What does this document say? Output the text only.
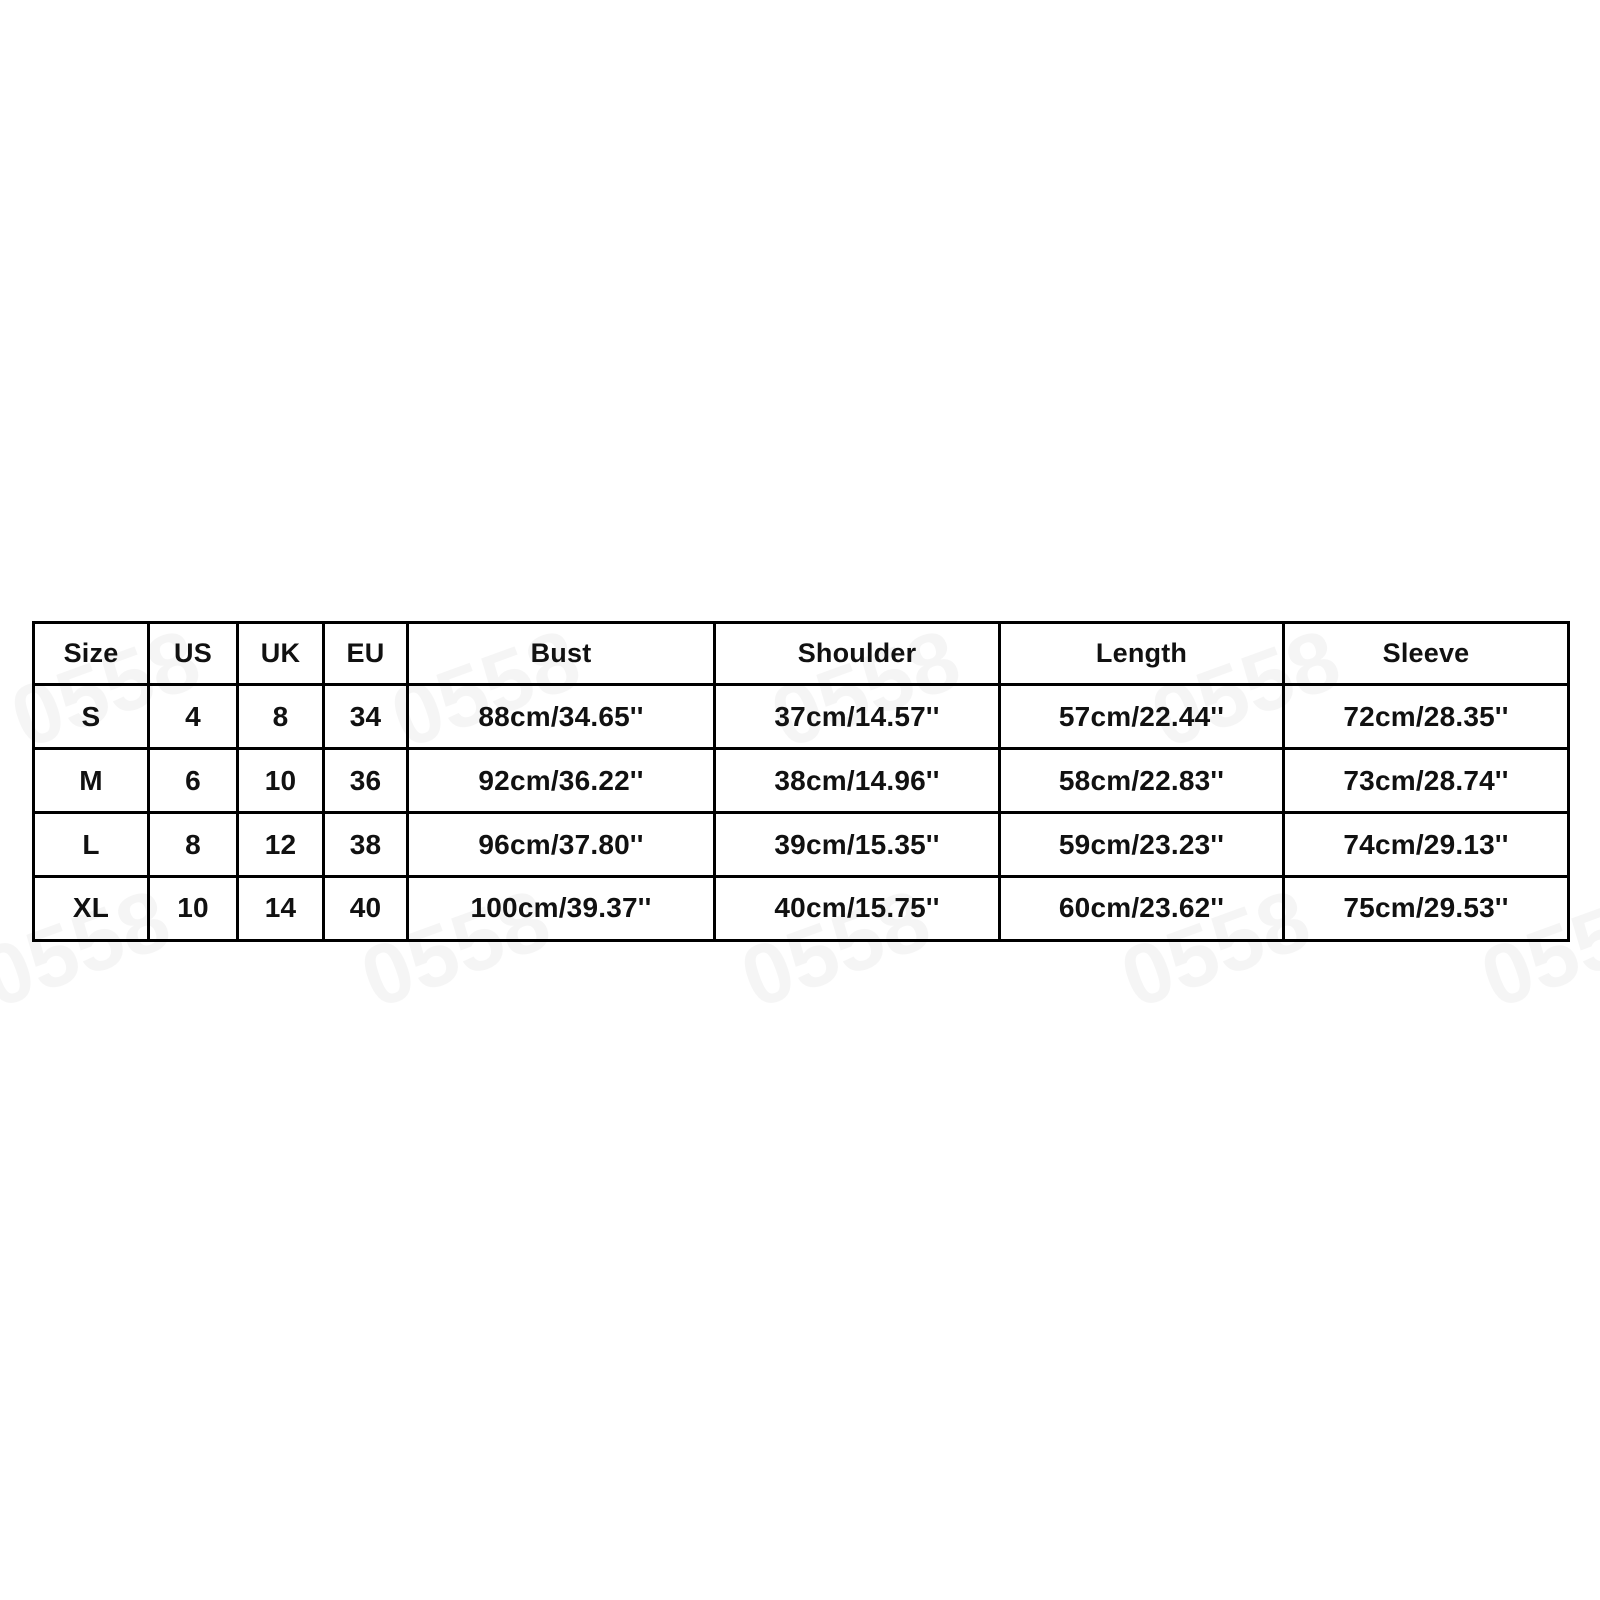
Size	US	UK	EU	Bust	Shoulder	Length	Sleeve
S	4	8	34	88cm/34.65''	37cm/14.57''	57cm/22.44''	72cm/28.35''
M	6	10	36	92cm/36.22''	38cm/14.96''	58cm/22.83''	73cm/28.74''
L	8	12	38	96cm/37.80''	39cm/15.35''	59cm/23.23''	74cm/29.13''
XL	10	14	40	100cm/39.37''	40cm/15.75''	60cm/23.62''	75cm/29.53''
